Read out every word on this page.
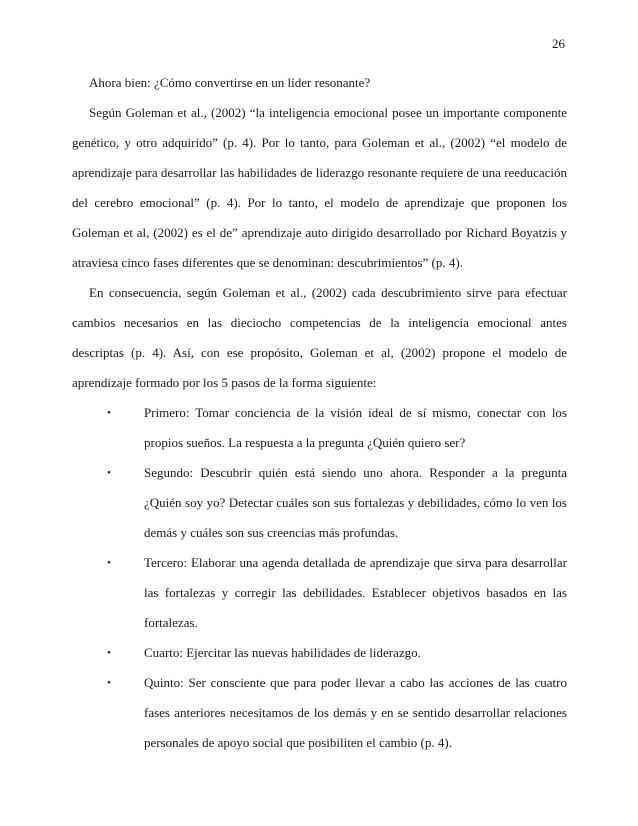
26

Ahora bien: ¿Cómo convertirse en un líder resonante?

Según Goleman et al., (2002) “la inteligencia emocional posee un importante componente genético, y otro adquirido” (p. 4). Por lo tanto, para Goleman et al., (2002) “el modelo de aprendizaje para desarrollar las habilidades de liderazgo resonante requiere de una reeducación del cerebro emocional” (p. 4). Por lo tanto, el modelo de aprendizaje que proponen los Goleman et al, (2002) es el de” aprendizaje auto dirigido desarrollado por Richard Boyatzis y atraviesa cinco fases diferentes que se denominan: descubrimientos” (p. 4).

En consecuencia, según Goleman et al., (2002) cada descubrimiento sirve para efectuar cambios necesarios en las dieciocho competencias de la inteligencia emocional antes descriptas (p. 4). Así, con ese propósito, Goleman et al, (2002) propone el modelo de aprendizaje formado por los 5 pasos de la forma siguiente:

•	Primero: Tomar conciencia de la visión ideal de sí mismo, conectar con los propios sueños. La respuesta a la pregunta ¿Quién quiero ser?
•	Segundo: Descubrir quién está siendo uno ahora. Responder a la pregunta ¿Quién soy yo? Detectar cuáles son sus fortalezas y debilidades, cómo lo ven los demás y cuáles son sus creencias más profundas.
•	Tercero: Elaborar una agenda detallada de aprendizaje que sirva para desarrollar las fortalezas y corregir las debilidades. Establecer objetivos basados en las fortalezas.
•	Cuarto: Ejercitar las nuevas habilidades de liderazgo.
•	Quinto: Ser consciente que para poder llevar a cabo las acciones de las cuatro fases anteriores necesitamos de los demás y en se sentido desarrollar relaciones personales de apoyo social que posibiliten el cambio (p. 4).
